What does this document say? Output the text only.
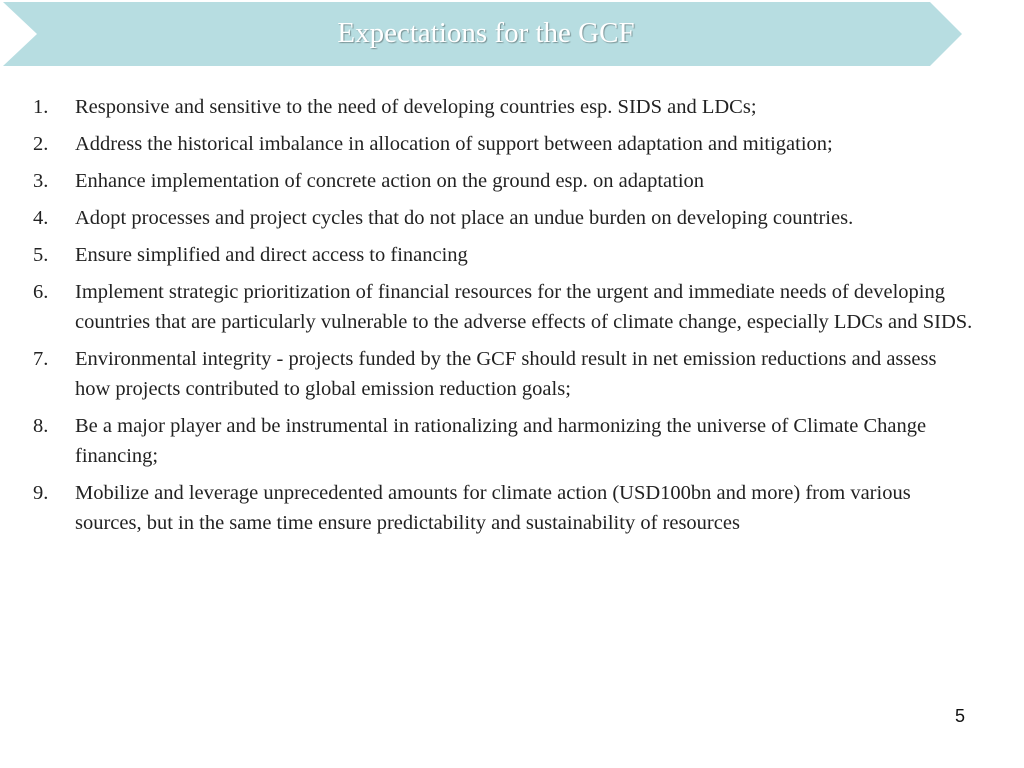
Expectations for the GCF
1.	Responsive and sensitive to the need of developing countries esp. SIDS and LDCs;
2.	Address the historical imbalance in allocation of support between adaptation and mitigation;
3.	Enhance implementation of concrete action on the ground esp. on adaptation
4.	Adopt processes and project cycles that do not place an undue burden on developing countries.
5.	Ensure simplified and direct access to financing
6.	Implement strategic prioritization of financial resources for the urgent and immediate needs of developing countries that are particularly vulnerable to the adverse effects of climate change, especially LDCs and SIDS.
7.	Environmental integrity - projects funded by the GCF should result in net emission reductions and assess how projects contributed to global emission reduction goals;
8.	Be a major player and be instrumental in rationalizing and harmonizing the universe of Climate Change financing;
9.	Mobilize and leverage unprecedented amounts for climate action (USD100bn and more) from various sources, but in the same time ensure predictability and sustainability of resources
5
